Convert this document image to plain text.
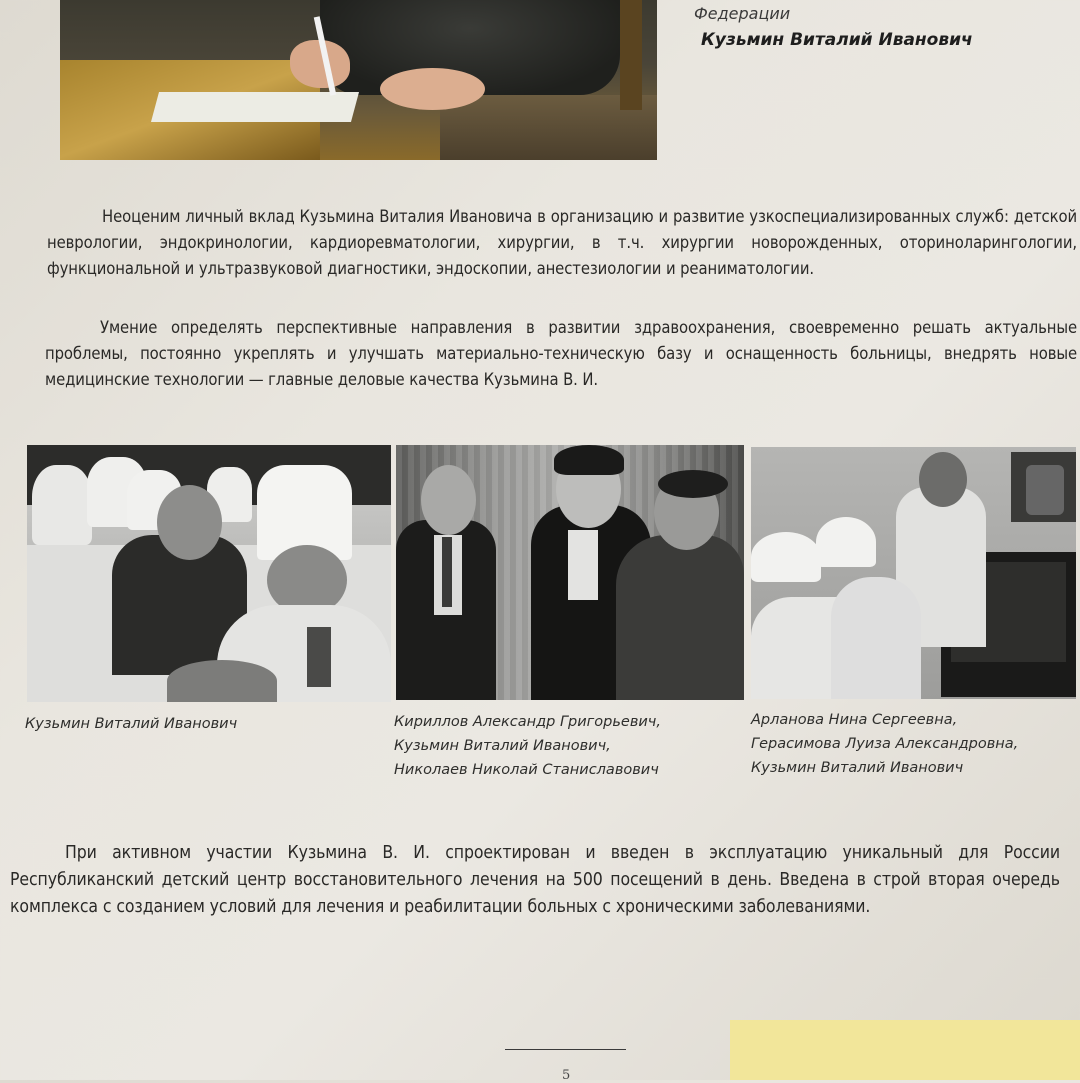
Федерации
Кузьмин Виталий Иванович
Неоценим личный вклад Кузьмина Виталия Ивановича в организацию и развитие узкоспециализированных служб: детской неврологии, эндокринологии, кардиоревматологии, хирургии, в т.ч. хирургии новорожденных, оториноларингологии, функциональной и ультразвуковой диагностики, эндоскопии, анестезиологии и реаниматологии.
Умение определять перспективные направления в развитии здравоохранения, своевременно решать актуальные проблемы, постоянно укреплять и улучшать материально-техническую базу и оснащенность больницы, внедрять новые медицинские технологии — главные деловые качества Кузьмина В. И.
Кузьмин Виталий Иванович	Кириллов Александр Григорьевич,
Кузьмин Виталий Иванович,
Николаев Николай Станиславович
Арланова Нина Сергеевна,
Герасимова Луиза Александровна,
Кузьмин Виталий Иванович
При активном участии Кузьмина В. И. спроектирован и введен в эксплуатацию уникальный для России Республиканский детский центр восстановительного лечения на 500 посещений в день. Введена в строй вторая очередь комплекса с созданием условий для лечения и реабилитации больных с хроническими заболеваниями.
5
